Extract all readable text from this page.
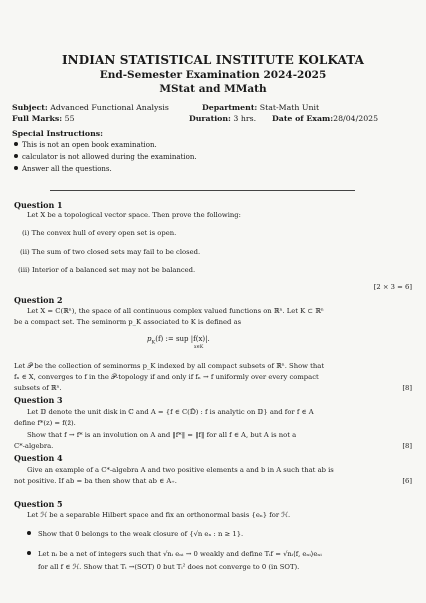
INDIAN STATISTICAL INSTITUTE KOLKATA
End-Semester Examination 2024-2025
MStat and MMath
Subject: Advanced Functional Analysis	Department: Stat-Math Unit
Full Marks: 55	Duration: 3 hrs. Date of Exam:28/04/2025
Special Instructions:
This is not an open book examination.
calculator is not allowed during the examination.
Answer all the questions.
Question 1
Let X be a topological vector space. Then prove the following:
(i) The convex hull of every open set is open.
(ii) The sum of two closed sets may fail to be closed.
(iii) Interior of a balanced set may not be balanced.
[2 × 3 = 6]
Question 2
Let X = C(ℝⁿ), the space of all continuous complex valued functions on ℝⁿ. Let K ⊂ ℝⁿ
be a compact set. The seminorm p_K associated to K is defined as
$p_K(f)$ := sup |f(x)|.
x∈K
Let 𝒫 be the collection of seminorms p_K indexed by all compact subsets of ℝⁿ. Show that
fₙ ∈ X, converges to f in the 𝒫-topology if and only if fₙ → f uniformly over every compact
subsets of ℝⁿ.	[8]
Question 3
Let 𝔻 denote the unit disk in ℂ and A = {f ∈ C(𝔻̄) : f is analytic on 𝔻} and for f ∈ A
define f*(z) = f(z̄).
Show that f → f* is an involution on A and ‖f*‖ = ‖f‖ for all f ∈ A, but A is not a
C*-algebra.	[8]
Question 4
Give an example of a C*-algebra A and two positive elements a and b in A such that ab is
not positive. If ab = ba then show that ab ∈ A₊.	[6]
Question 5
Let ℋ be a separable Hilbert space and fix an orthonormal basis {eₙ} for ℋ.
Show that 0 belongs to the weak closure of {√n eₙ : n ≥ 1}.
Let nᵢ be a net of integers such that √nᵢ eₙᵢ → 0 weakly and define Tᵢf = √nᵢ⟨f, eₙᵢ⟩eₙᵢ
for all f ∈ ℋ. Show that Tᵢ →(SOT) 0 but Tᵢ² does not converge to 0 (in SOT).
